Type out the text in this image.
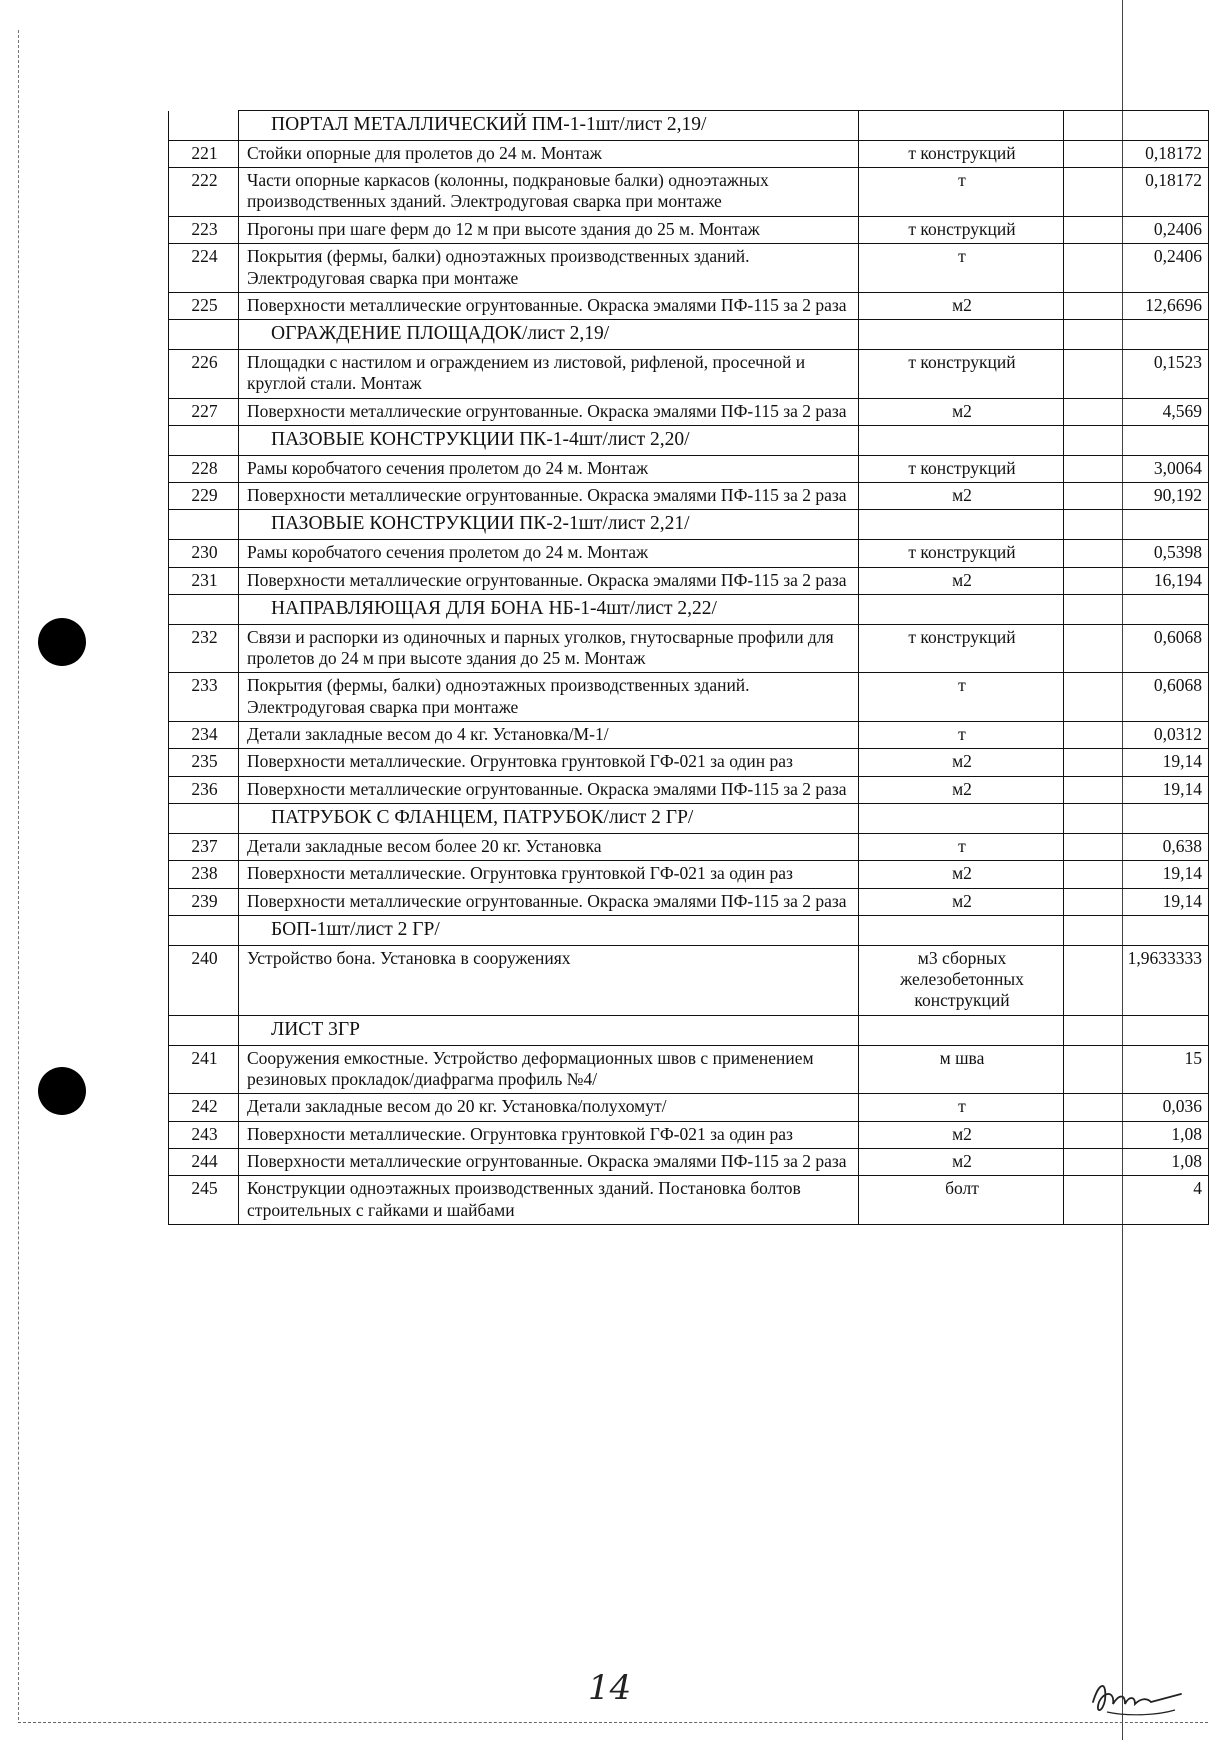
	ПОРТАЛ МЕТАЛЛИЧЕСКИЙ ПМ-1-1шт/лист 2,19/		
221	Стойки опорные для пролетов до 24 м. Монтаж	т конструкций	0,18172
222	Части опорные каркасов (колонны, подкрановые балки) одноэтажных производственных зданий. Электродуговая сварка при монтаже	т	0,18172
223	Прогоны при шаге ферм до 12 м при высоте здания до 25 м. Монтаж	т конструкций	0,2406
224	Покрытия (фермы, балки) одноэтажных производственных зданий. Электродуговая сварка при монтаже	т	0,2406
225	Поверхности металлические огрунтованные. Окраска эмалями ПФ-115 за 2 раза	м2	12,6696
	ОГРАЖДЕНИЕ ПЛОЩАДОК/лист 2,19/		
226	Площадки с настилом и ограждением из листовой, рифленой, просечной и круглой стали. Монтаж	т конструкций	0,1523
227	Поверхности металлические огрунтованные. Окраска эмалями ПФ-115 за 2 раза	м2	4,569
	ПАЗОВЫЕ КОНСТРУКЦИИ ПК-1-4шт/лист 2,20/		
228	Рамы коробчатого сечения пролетом до 24 м. Монтаж	т конструкций	3,0064
229	Поверхности металлические огрунтованные. Окраска эмалями ПФ-115 за 2 раза	м2	90,192
	ПАЗОВЫЕ КОНСТРУКЦИИ ПК-2-1шт/лист 2,21/		
230	Рамы коробчатого сечения пролетом до 24 м. Монтаж	т конструкций	0,5398
231	Поверхности металлические огрунтованные. Окраска эмалями ПФ-115 за 2 раза	м2	16,194
	НАПРАВЛЯЮЩАЯ ДЛЯ БОНА НБ-1-4шт/лист 2,22/		
232	Связи и распорки из одиночных и парных уголков, гнутосварные профили для пролетов до 24 м при высоте здания до 25 м. Монтаж	т конструкций	0,6068
233	Покрытия (фермы, балки) одноэтажных производственных зданий. Электродуговая сварка при монтаже	т	0,6068
234	Детали закладные весом до 4 кг. Установка/М-1/	т	0,0312
235	Поверхности металлические. Огрунтовка грунтовкой ГФ-021 за один раз	м2	19,14
236	Поверхности металлические огрунтованные. Окраска эмалями ПФ-115 за 2 раза	м2	19,14
	ПАТРУБОК С ФЛАНЦЕМ, ПАТРУБОК/лист 2 ГР/		
237	Детали закладные весом более 20 кг. Установка	т	0,638
238	Поверхности металлические. Огрунтовка грунтовкой ГФ-021 за один раз	м2	19,14
239	Поверхности металлические огрунтованные. Окраска эмалями ПФ-115 за 2 раза	м2	19,14
	БОП-1шт/лист 2 ГР/		
240	Устройство бона. Установка в сооружениях	м3 сборных железобетонных конструкций	1,9633333
	ЛИСТ 3ГР		
241	Сооружения емкостные. Устройство деформационных швов с применением резиновых прокладок/диафрагма профиль №4/	м шва	15
242	Детали закладные весом до 20 кг. Установка/полухомут/	т	0,036
243	Поверхности металлические. Огрунтовка грунтовкой ГФ-021 за один раз	м2	1,08
244	Поверхности металлические огрунтованные. Окраска эмалями ПФ-115 за 2 раза	м2	1,08
245	Конструкции одноэтажных производственных зданий. Постановка болтов строительных с гайками и шайбами	болт	4
14
